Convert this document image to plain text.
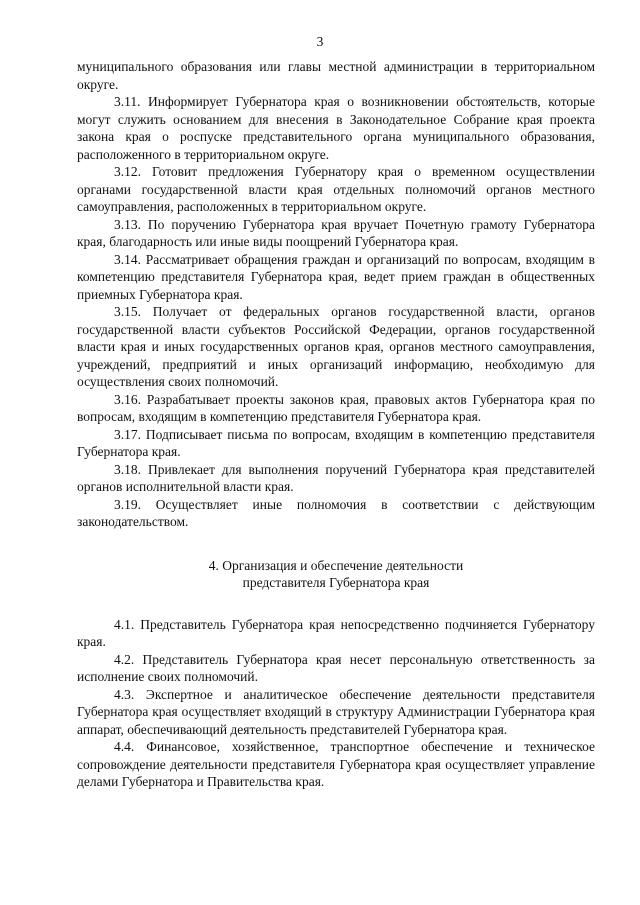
3

муниципального образования или главы местной администрации в территориальном округе.

3.11. Информирует Губернатора края о возникновении обстоятельств, которые могут служить основанием для внесения в Законодательное Собрание края проекта закона края о роспуске представительного органа муниципального образования, расположенного в территориальном округе.

3.12. Готовит предложения Губернатору края о временном осуществлении органами государственной власти края отдельных полномочий органов местного самоуправления, расположенных в территориальном округе.

3.13. По поручению Губернатора края вручает Почетную грамоту Губернатора края, благодарность или иные виды поощрений Губернатора края.

3.14. Рассматривает обращения граждан и организаций по вопросам, входящим в компетенцию представителя Губернатора края, ведет прием граждан в общественных приемных Губернатора края.

3.15. Получает от федеральных органов государственной власти, органов государственной власти субъектов Российской Федерации, органов государственной власти края и иных государственных органов края, органов местного самоуправления, учреждений, предприятий и иных организаций информацию, необходимую для осуществления своих полномочий.

3.16. Разрабатывает проекты законов края, правовых актов Губернатора края по вопросам, входящим в компетенцию представителя Губернатора края.

3.17. Подписывает письма по вопросам, входящим в компетенцию представителя Губернатора края.

3.18. Привлекает для выполнения поручений Губернатора края представителей органов исполнительной власти края.

3.19. Осуществляет иные полномочия в соответствии с действующим законодательством.

4. Организация и обеспечение деятельности
представителя Губернатора края

4.1. Представитель Губернатора края непосредственно подчиняется Губернатору края.

4.2. Представитель Губернатора края несет персональную ответственность за исполнение своих полномочий.

4.3. Экспертное и аналитическое обеспечение деятельности представителя Губернатора края осуществляет входящий в структуру Администрации Губернатора края аппарат, обеспечивающий деятельность представителей Губернатора края.

4.4. Финансовое, хозяйственное, транспортное обеспечение и техническое сопровождение деятельности представителя Губернатора края осуществляет управление делами Губернатора и Правительства края.
